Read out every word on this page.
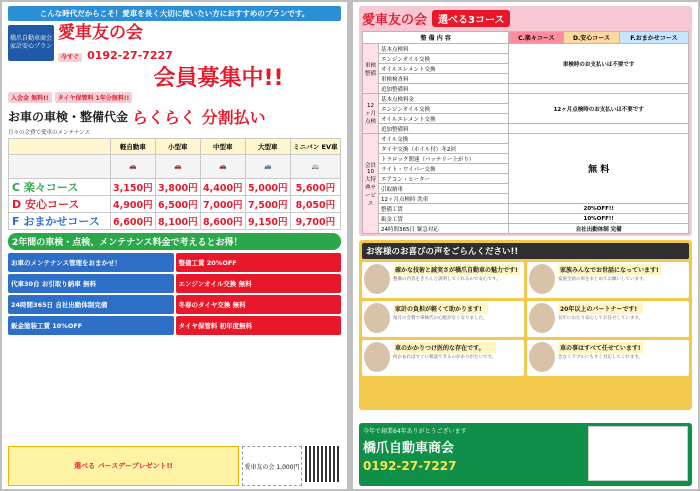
こんな時代だからこそ！愛車を長く大切に使いたい方におすすめのプランです。
橋爪自動車商会
家計安心プラン
愛車友の会
今すぐ 0192-27-7227
会員募集中!!
入会金 無料!!	タイヤ保管料 1年分無料!!
お車の車検・整備代金 らくらく 分割払い
月々の会費で愛車のメンテナンス
	軽自動車	小型車	中型車	大型車	ミニバン EV車
	🚗	🚗	🚗	🚙	🚐
C 楽々コース	3,150円	3,800円	4,400円	5,000円	5,600円
D 安心コース	4,900円	6,500円	7,000円	7,500円	8,050円
F おまかせコース	6,600円	8,100円	8,600円	9,150円	9,700円
2年間の車検・点検、メンテナンス料金で考えるとお得！
お車のメンテナンス管理をおまかせ！	整備工賃 20%OFF
代車30台 お引取り納車 無料	エンジンオイル交換 無料
24時間365日 自社出動体制完備	冬春のタイヤ交換 無料
鈑金塗装工賃 10%OFF	タイヤ保管料 初年度無料
選べる バースデープレゼント!!	愛車友の会 1,000円
愛車友の会	選べる3コース
整 備 内 容		C.楽々コース	D.安心コース	F.おまかせコース
車検整備	基本点検料	車検時のお支払いは不要です		
	エンジンオイル交換			
	オイルエレメント交換			
	車検検査料			
	追加整備料			
12ヶ月点検	基本点検料金	12ヶ月点検時のお支払いは不要です		
	エンジンオイル交換			
	オイルエレメント交換			
	追加整備料			
会員10大特典サービス	オイル交換	無 料		
	タイヤ交換（ホイル付）冬2回			
	トラロック関連（バッテリー上がり）			
	ライト・ワイパー交換			
	エアコン・ヒーター			
	引取納車			
	12ヶ月点検時 洗車			
	整備工賃	20%OFF!!		
	鈑金工賃	10%OFF!!		
	24時間365日 緊急対応	自社出動体制 完備		
お客様のお喜びの声をごらんください!!
確かな技術と誠実さが橋爪自動車の魅力です!
整備の内容をきちんと説明してくれるので安心です。
家族みんなでお世話になっています!
家族全員の車をまとめてお願いしています。
家計の負担が軽くて助かります!
毎月の会費で車検代の心配がなくなりました。
20年以上のパートナーです!
長年にわたり安心してお任せしています。
車のかかりつけ医的な存在です。
何かあればすぐに相談できるのがありがたいです。
車の事はすべて任せています!
急なトラブルにもすぐ対応してくれます。
今年で創業64年ありがとうございます
橋爪自動車商会
0192-27-7227
